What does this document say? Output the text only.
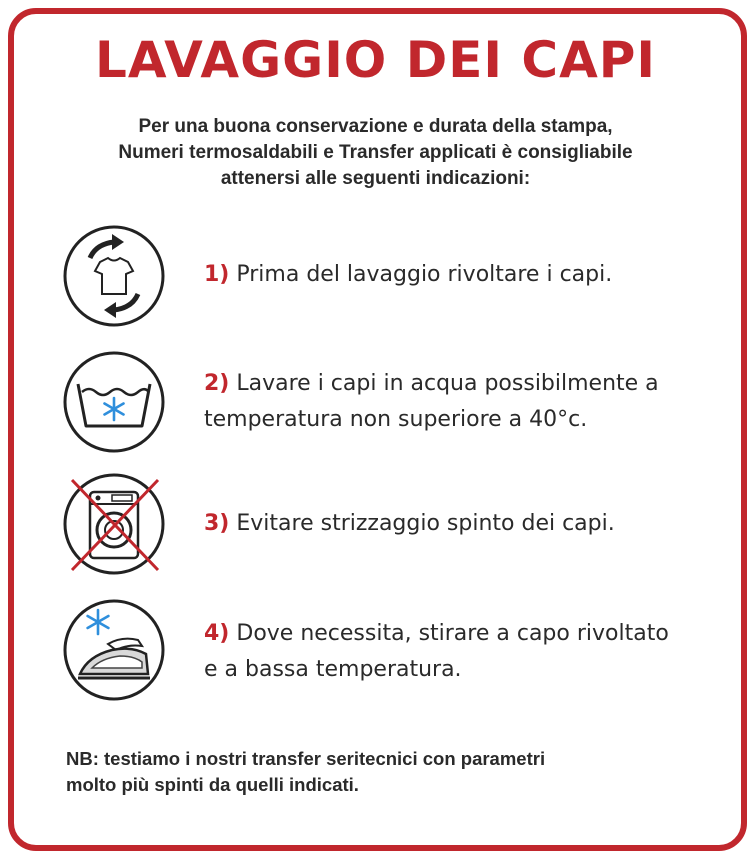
LAVAGGIO DEI CAPI
Per una buona conservazione e durata della stampa,
Numeri termosaldabili e Transfer applicati è consigliabile
attenersi alle seguenti indicazioni:
1) Prima del lavaggio rivoltare i capi.
2) Lavare i capi in acqua possibilmente a
temperatura non superiore a 40°c.
3) Evitare strizzaggio spinto dei capi.
4) Dove necessita, stirare a capo rivoltato
e a bassa temperatura.
NB: testiamo i nostri transfer seritecnici con parametri
molto più spinti da quelli indicati.
